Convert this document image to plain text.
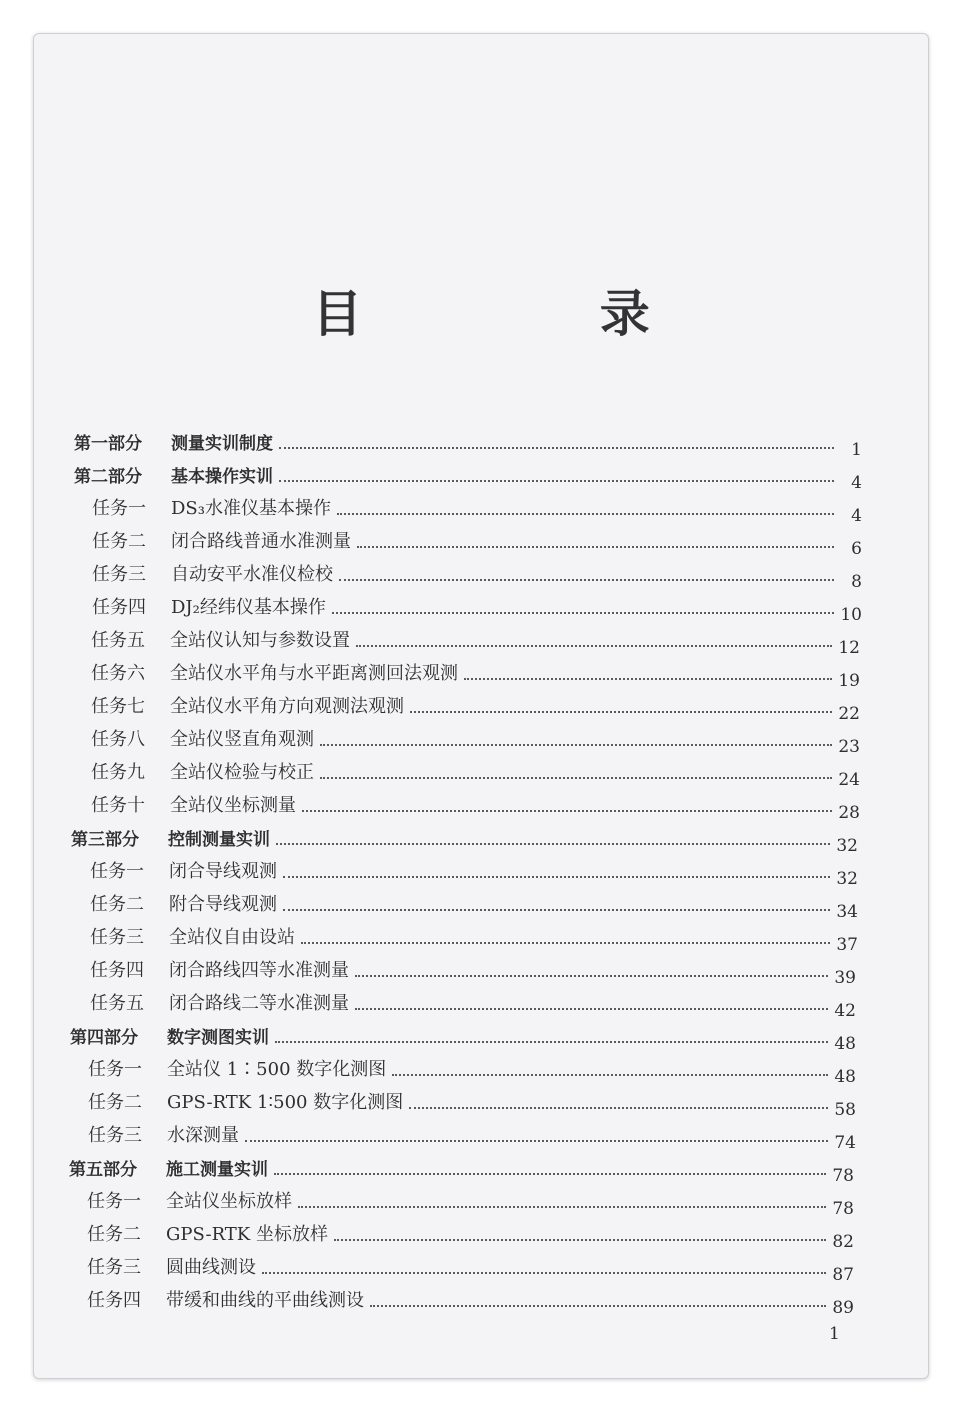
目 录
第一部分	测量实训制度	1
第二部分	基本操作实训	4
任务一	DS₃水准仪基本操作	4
任务二	闭合路线普通水准测量	6
任务三	自动安平水准仪检校	8
任务四	DJ₂经纬仪基本操作	10
任务五	全站仪认知与参数设置	12
任务六	全站仪水平角与水平距离测回法观测	19
任务七	全站仪水平角方向观测法观测	22
任务八	全站仪竖直角观测	23
任务九	全站仪检验与校正	24
任务十	全站仪坐标测量	28
第三部分	控制测量实训	32
任务一	闭合导线观测	32
任务二	附合导线观测	34
任务三	全站仪自由设站	37
任务四	闭合路线四等水准测量	39
任务五	闭合路线二等水准测量	42
第四部分	数字测图实训	48
任务一	全站仪 1∶500 数字化测图	48
任务二	GPS-RTK 1∶500 数字化测图	58
任务三	水深测量	74
第五部分	施工测量实训	78
任务一	全站仪坐标放样	78
任务二	GPS-RTK 坐标放样	82
任务三	圆曲线测设	87
任务四	带缓和曲线的平曲线测设	89
1
